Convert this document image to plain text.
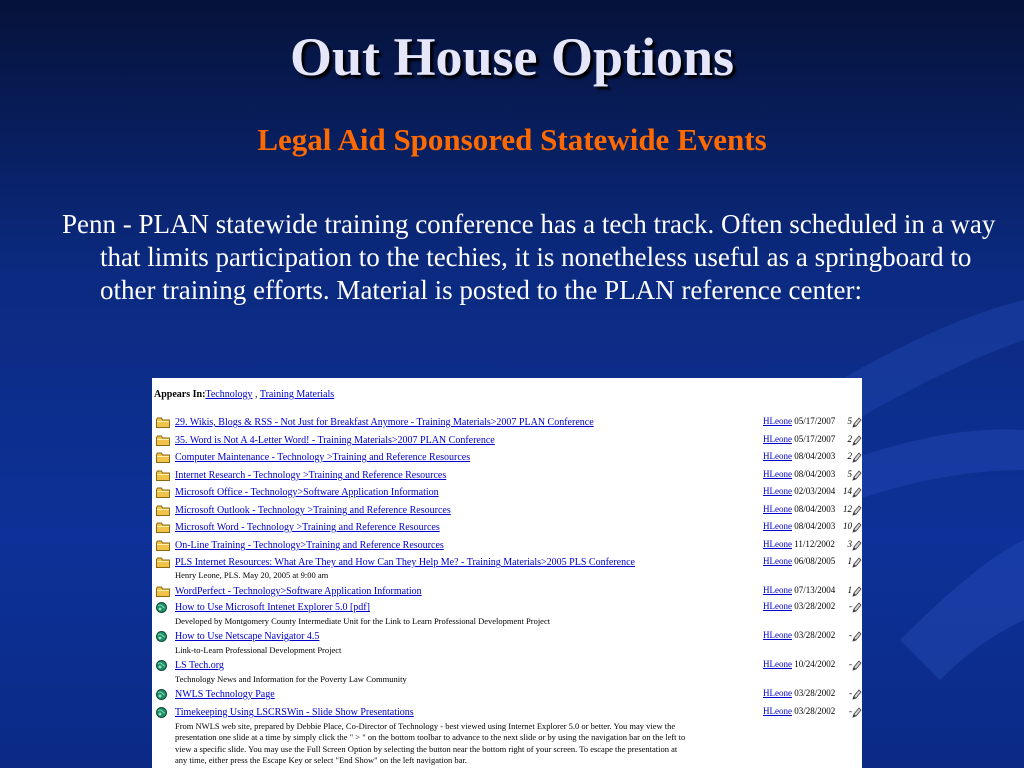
Out House Options
Legal Aid Sponsored Statewide Events

Penn - PLAN statewide training conference has a tech track. Often scheduled in a way that limits participation to the techies, it is nonetheless useful as a springboard to other training efforts. Material is posted to the PLAN reference center:

Appears In:Technology , Training Materials
29. Wikis, Blogs & RSS - Not Just for Breakfast Anymore - Training Materials>2007 PLAN Conference	HLeone 05/17/2007	5
35. Word is Not A 4-Letter Word! - Training Materials>2007 PLAN Conference	HLeone 05/17/2007	2
Computer Maintenance - Technology >Training and Reference Resources	HLeone 08/04/2003	2
Internet Research - Technology >Training and Reference Resources	HLeone 08/04/2003	5
Microsoft Office - Technology>Software Application Information	HLeone 02/03/2004 14
Microsoft Outlook - Technology >Training and Reference Resources	HLeone 08/04/2003 12
Microsoft Word - Technology >Training and Reference Resources	HLeone 08/04/2003 10
On-Line Training - Technology>Training and Reference Resources	HLeone 11/12/2002	3
PLS Internet Resources: What Are They and How Can They Help Me? - Training Materials>2005 PLS Conference	HLeone 06/08/2005	1
Henry Leone, PLS. May 20, 2005 at 9:00 am
WordPerfect - Technology>Software Application Information	HLeone 07/13/2004	1
How to Use Microsoft Intenet Explorer 5.0 [pdf]	HLeone 03/28/2002	-
Developed by Montgomery County Intermediate Unit for the Link to Learn Professional Development Project
How to Use Netscape Navigator 4.5	HLeone 03/28/2002	-
Link-to-Learn Professional Development Project
LS Tech.org	HLeone 10/24/2002	-
Technology News and Information for the Poverty Law Community
NWLS Technology Page	HLeone 03/28/2002	-
Timekeeping Using LSCRSWin - Slide Show Presentations	HLeone 03/28/2002	-
From NWLS web site, prepared by Debbie Place, Co-Director of Technology - best viewed using Internet Explorer 5.0 or better. You may view the
presentation one slide at a time by simply click the " > " on the bottom toolbar to advance to the next slide or by using the navigation bar on the left to
view a specific slide. You may use the Full Screen Option by selecting the button near the bottom right of your screen. To escape the presentation at
any time, either press the Escape Key or select "End Show" on the left navigation bar.
